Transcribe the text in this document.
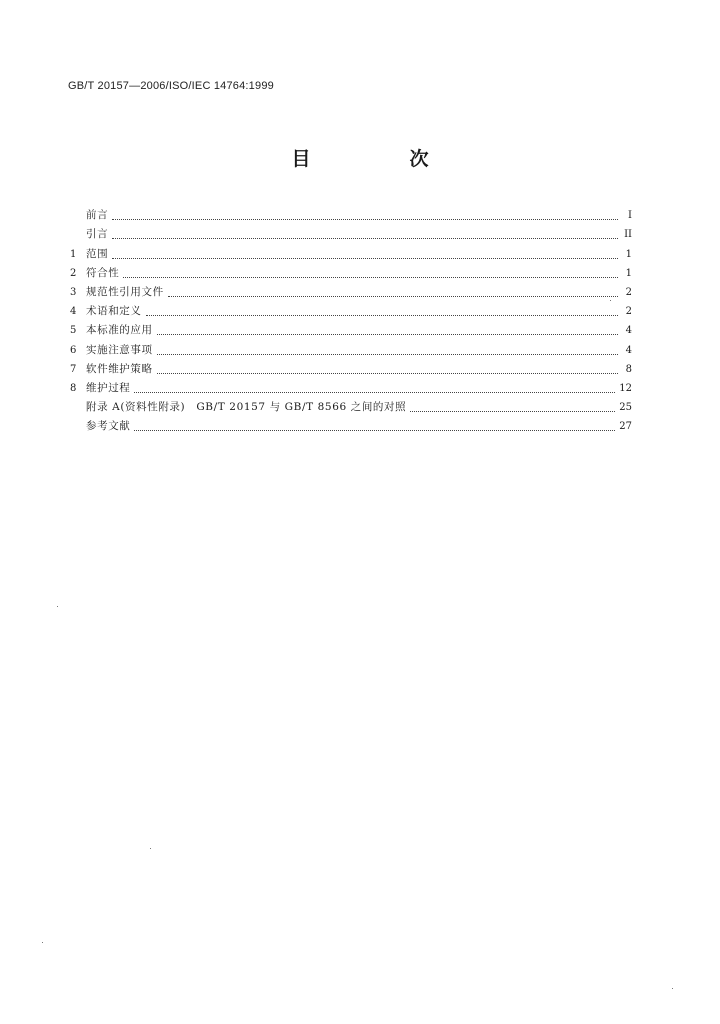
GB/T 20157—2006/ISO/IEC 14764:1999
目　次
前言	I
引言	II
1 范围	1
2 符合性	1
3 规范性引用文件	2
4 术语和定义	2
5 本标准的应用	4
6 实施注意事项	4
7 软件维护策略	8
8 维护过程	12
附录 A(资料性附录)　GB/T 20157 与 GB/T 8566 之间的对照	25
参考文献	27
